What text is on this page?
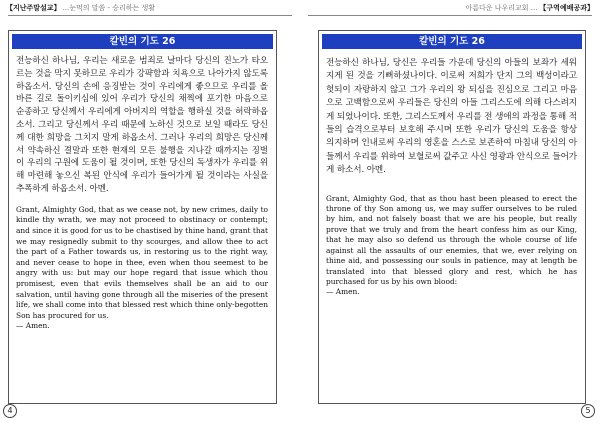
【지난주말설교】 ...눈먹의 말씀 - 승리하는 생활
칼빈의 기도 26

전능하신 하나님, 우리는 새로운 범죄로 날마다 당신의 진노가 타오르는 것을 막지 못하므로 우리가 강퍅함과 치욕으로 나아가지 않도록 하옵소서. 당신의 손에 응징받는 것이 우리에게 좋으므로 우리를 올바른 길로 돌이키심에 있어 우리가 당신의 채찍에 포기한 마음으로 순종하고 당신께서 우리에게 아버지의 역할을 행하실 것을 허락하옵소서. 그리고 당신께서 우리 때문에 노하신 것으로 보일 때라도 당신께 대한 희망을 그치지 말게 하옵소서. 그러나 우리의 희망은 당신께서 약속하신 결말과 또한 현재의 모든 불행을 지나갈 때까지는 징벌이 우리의 구원에 도움이 될 것이며, 또한 당신의 독생자가 우리를 위해 마련해 놓으신 복된 안식에 우리가 들어가게 될 것이라는 사실을 추폭하게 하옵소서. 아멘.

Grant, Almighty God, that as we cease not, by new crimes, daily to kindle thy wrath, we may not proceed to obstinacy or contempt; and since it is good for us to be chastised by thine hand, grant that we may resignedly submit to thy scourges, and allow thee to act the part of a Father towards us, in restoring us to the right way, and never cease to hope in thee, even when thou seemest to be angry with us: but may our hope regard that issue which thou promisest, even that evils themselves shall be an aid to our salvation, until having gone through all the miseries of the present life, we shall come into that blessed rest which thine only-begotten Son has procured for us.
— Amen.

4
아름다운 나우리교회 ... 【구역예배공과】
칼빈의 기도 26

전능하신 하나님, 당신은 우리들 가운데 당신의 아들의 보좌가 세워지게 된 것을 기뻐하셨나이다. 이로써 저희가 단지 그의 백성이라고 헛되이 자랑하지 않고 그가 우리의 왕 되심을 진심으로 그리고 마음으로 고백함으로써 우리들은 당신의 아들 그리스도에 의해 다스려지게 되었나이다. 또한, 그리스도께서 우리를 전 생애의 과정을 통해 적들의 습격으로부터 보호해 주시며 또한 우리가 당신의 도움을 항상 의지하며 인내로써 우리의 영혼을 스스로 보존하여 마침내 당신의 아들께서 우리를 위하여 보혈로써 값주고 사신 영광과 안식으로 들어가게 하소서. 아멘.

Grant, Almighty God, that as thou hast been pleased to erect the throne of thy Son among us, we may suffer ourselves to be ruled by him, and not falsely boast that we are his people, but really prove that we truly and from the heart confess him as our King, that he may also so defend us through the whole course of life against all the assaults of our enemies, that we, ever relying on thine aid, and possessing our souls in patience, may at length be translated into that blessed glory and rest, which he has purchased for us by his own blood:
— Amen.

5
